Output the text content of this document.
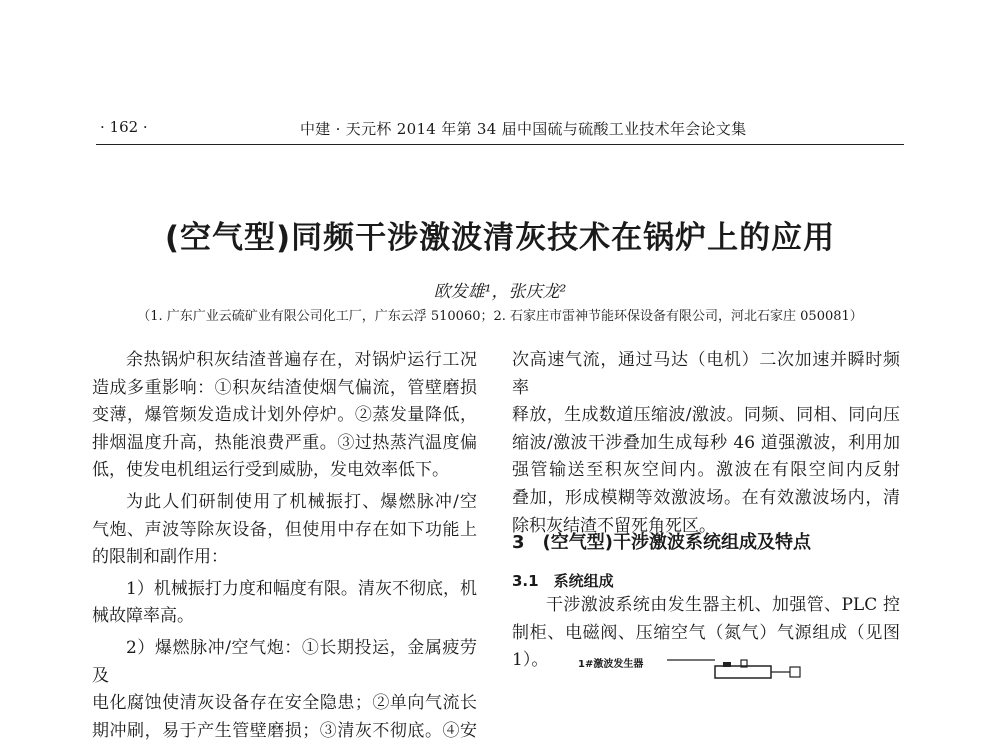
· 162 ·	中建 · 天元杯 2014 年第 34 届中国硫与硫酸工业技术年会论文集
(空气型)同频干涉激波清灰技术在锅炉上的应用
欧发雄¹，张庆龙²
（1. 广东广业云硫矿业有限公司化工厂，广东云浮 510060；2. 石家庄市雷神节能环保设备有限公司，河北石家庄 050081）

余热锅炉积灰结渣普遍存在，对锅炉运行工况

造成多重影响：①积灰结渣使烟气偏流，管壁磨损

变薄，爆管频发造成计划外停炉。②蒸发量降低，

排烟温度升高，热能浪费严重。③过热蒸汽温度偏

低，使发电机组运行受到威胁，发电效率低下。

为此人们研制使用了机械振打、爆燃脉冲/空

气炮、声波等除灰设备，但使用中存在如下功能上

的限制和副作用：

1）机械振打力度和幅度有限。清灰不彻底，机

械故障率高。

2）爆燃脉冲/空气炮：①长期投运，金属疲劳及

电化腐蚀使清灰设备存在安全隐患；②单向气流长

期冲刷，易于产生管壁磨损；③清灰不彻底。④安

次高速气流，通过马达（电机）二次加速并瞬时频率

释放，生成数道压缩波/激波。同频、同相、同向压

缩波/激波干涉叠加生成每秒 46 道强激波，利用加

强管输送至积灰空间内。激波在有限空间内反射

叠加，形成模糊等效激波场。在有效激波场内，清

除积灰结渣不留死角死区。

3　(空气型)干涉激波系统组成及特点
3.1　系统组成

干涉激波系统由发生器主机、加强管、PLC 控

制柜、电磁阀、压缩空气（氮气）气源组成（见图 1）。	1#激波发生器
